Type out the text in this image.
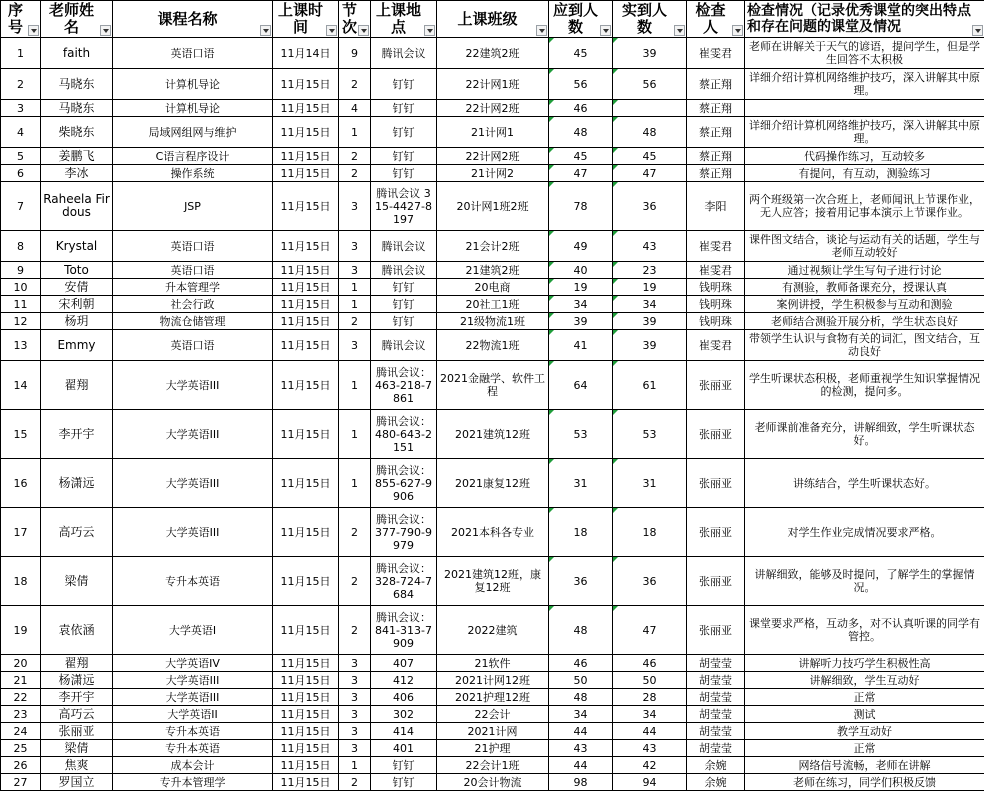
序号	老师姓名	课程名称	上课时间	节次	上课地点	上课班级	应到人数	实到人数	检查人	检查情况（记录优秀课堂的突出特点和存在问题的课堂及情况

1	faith	英语口语	11月14日	9	腾讯会议	22建筑2班	45	39	崔雯君	老师在讲解关于天气的谚语，提问学生，但是学生回答不太积极
2	马晓东	计算机导论	11月15日	2	钉钉	22计网1班	56	56	蔡正翔	详细介绍计算机网络维护技巧，深入讲解其中原理。
3	马晓东	计算机导论	11月15日	4	钉钉	22计网2班	46		蔡正翔	
4	柴晓东	局域网组网与维护	11月15日	1	钉钉	21计网1	48	48	蔡正翔	详细介绍计算机网络维护技巧，深入讲解其中原理。
5	姜鹏飞	C语言程序设计	11月15日	2	钉钉	22计网2班	45	45	蔡正翔	代码操作练习，互动较多
6	李冰	操作系统	11月15日	2	钉钉	21计网2	47	47	蔡正翔	有提问，有互动，测验练习
7	Raheela Firdous	JSP	11月15日	3	腾讯会议 315-4427-8197	20计网1班2班	78	36	李阳	两个班级第一次合班上，老师闻讯上节课作业，无人应答；接着用记事本演示上节课作业。
8	Krystal	英语口语	11月15日	3	腾讯会议	21会计2班	49	43	崔雯君	课件图文结合，谈论与运动有关的话题，学生与老师互动较好
9	Toto	英语口语	11月15日	3	腾讯会议	21建筑2班	40	23	崔雯君	通过视频让学生写句子进行讨论
10	安倩	升本管理学	11月15日	1	钉钉	20电商	19	19	钱明珠	有测验，教师备课充分，授课认真
11	宋利朝	社会行政	11月15日	1	钉钉	20社工1班	34	34	钱明珠	案例讲授，学生积极参与互动和测验
12	杨玥	物流仓储管理	11月15日	2	钉钉	21级物流1班	39	39	钱明珠	老师结合测验开展分析，学生状态良好
13	Emmy	英语口语	11月15日	3	腾讯会议	22物流1班	41	39	崔雯君	带领学生认识与食物有关的词汇，图文结合，互动良好
14	翟翔	大学英语III	11月15日	1	腾讯会议：463-218-7861	2021金融学、软件工程	64	61	张丽亚	学生听课状态积极，老师重视学生知识掌握情况的检测，提问多。
15	李开宇	大学英语III	11月15日	1	腾讯会议：480-643-2151	2021建筑12班	53	53	张丽亚	老师课前准备充分，讲解细致，学生听课状态好。
16	杨潇远	大学英语III	11月15日	1	腾讯会议：855-627-9906	2021康复12班	31	31	张丽亚	讲练结合，学生听课状态好。
17	高巧云	大学英语III	11月15日	2	腾讯会议：377-790-9979	2021本科各专业	18	18	张丽亚	对学生作业完成情况要求严格。
18	梁倩	专升本英语	11月15日	2	腾讯会议：328-724-7684	2021建筑12班，康复12班	36	36	张丽亚	讲解细致，能够及时提问，了解学生的掌握情况。
19	袁依涵	大学英语I	11月15日	2	腾讯会议：841-313-7909	2022建筑	48	47	张丽亚	课堂要求严格，互动多，对不认真听课的同学有管控。
20	翟翔	大学英语IV	11月15日	3	407	21软件	46	46	胡莹莹	讲解听力技巧学生积极性高
21	杨潇远	大学英语III	11月15日	3	412	2021计网12班	50	50	胡莹莹	讲解细致，学生互动好
22	李开宇	大学英语III	11月15日	3	406	2021护理12班	48	28	胡莹莹	正常
23	高巧云	大学英语II	11月15日	3	302	22会计	34	34	胡莹莹	测试
24	张丽亚	专升本英语	11月15日	3	414	2021计网	44	44	胡莹莹	教学互动好
25	梁倩	专升本英语	11月15日	3	401	21护理	43	43	胡莹莹	正常
26	焦爽	成本会计	11月15日	1	钉钉	22会计1班	44	42	余婉	网络信号流畅，老师在讲解
27	罗国立	专升本管理学	11月15日	2	钉钉	20会计物流	98	94	余婉	老师在练习，同学们积极反馈
